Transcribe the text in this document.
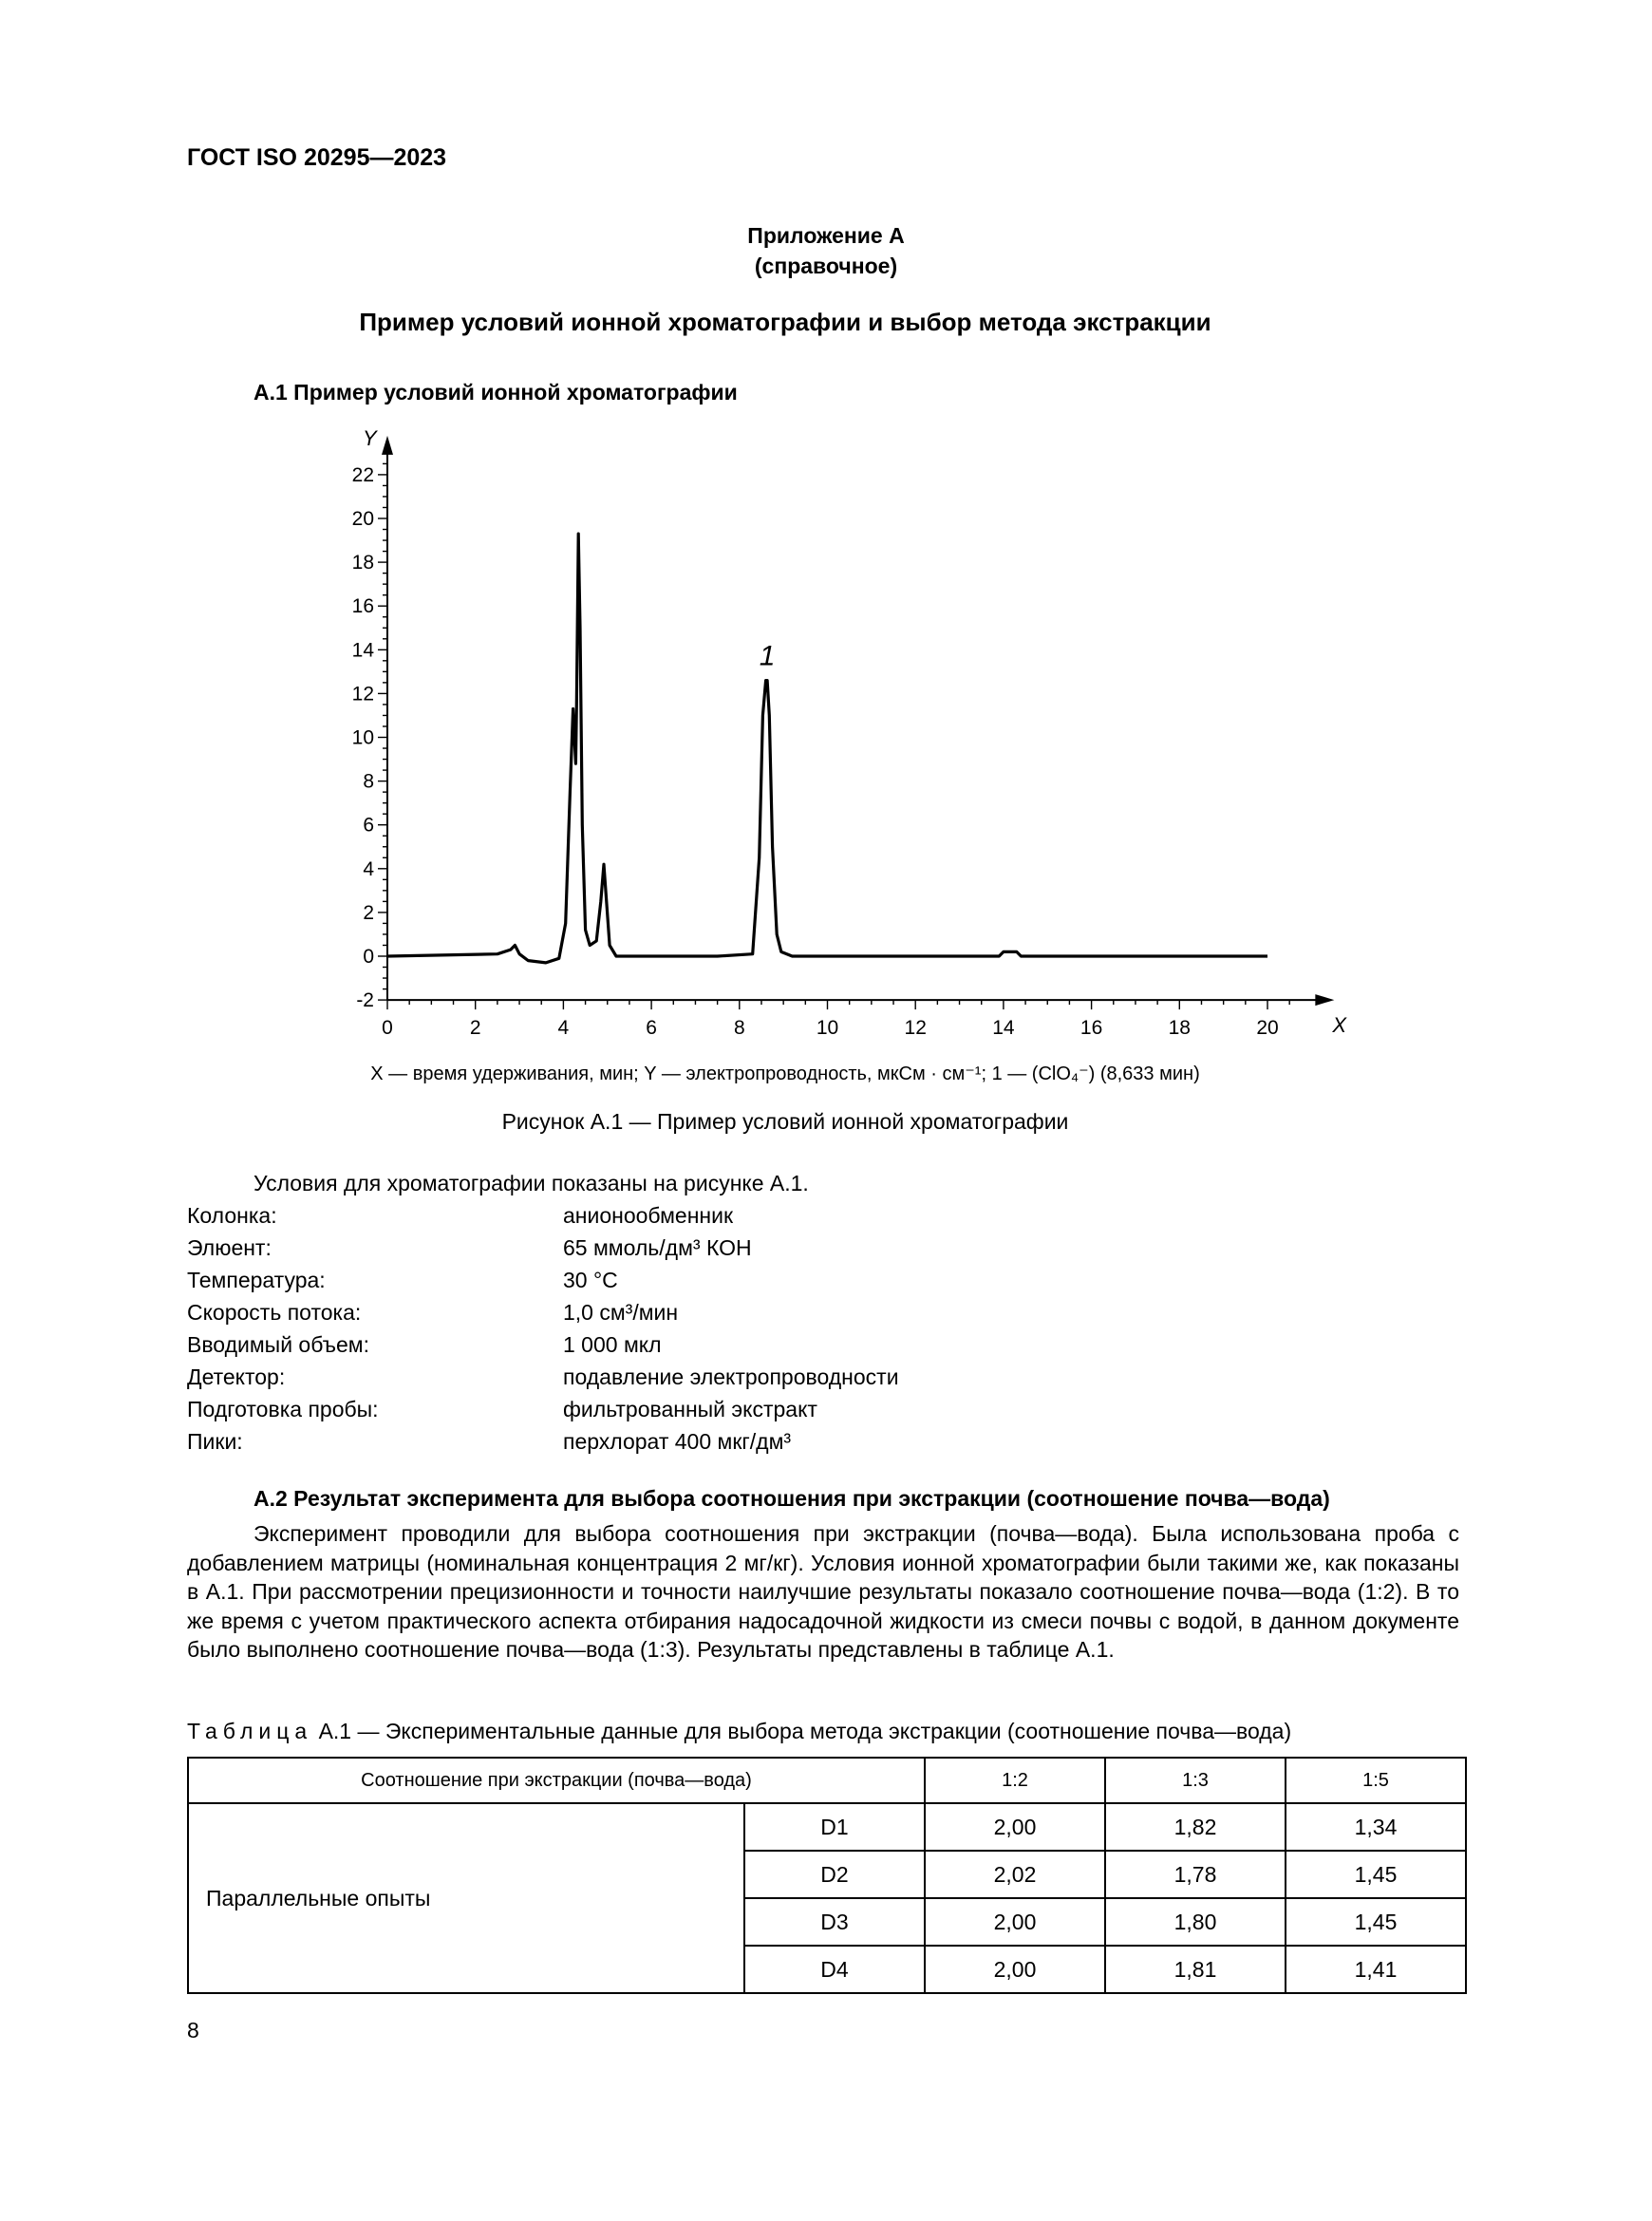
ГОСТ ISO 20295—2023
Приложение А
(справочное)
Пример условий ионной хроматографии и выбор метода экстракции
А.1 Пример условий ионной хроматографии
Y
X
-2
0
2
4
6
8
10
12
14
16
18
20
22
0	2	4	6	8	10	12	14	16	18	20
1
X — время удерживания, мин; Y — электропроводность, мкСм · см⁻¹; 1 — (ClO₄⁻) (8,633 мин)
Рисунок А.1 — Пример условий ионной хроматографии
Условия для хроматографии показаны на рисунке А.1.
Колонка:	анионообменник
Элюент:	65 ммоль/дм³ КОН
Температура:	30 °С
Скорость потока:	1,0 см³/мин
Вводимый объем:	1 000 мкл
Детектор:	подавление электропроводности
Подготовка пробы:	фильтрованный экстракт
Пики:	перхлорат 400 мкг/дм³
А.2 Результат эксперимента для выбора соотношения при экстракции (соотношение почва—вода)

Эксперимент проводили для выбора соотношения при экстракции (почва—вода). Была использована проба с добавлением матрицы (номинальная концентрация 2 мг/кг). Условия ионной хроматографии были такими же, как показаны в А.1. При рассмотрении прецизионности и точности наилучшие результаты показало соотношение почва—вода (1:2). В то же время с учетом практического аспекта отбирания надосадочной жидкости из смеси почвы с водой, в данном документе было выполнено соотношение почва—вода (1:3). Результаты представлены в таблице А.1.

Таблица А.1 — Экспериментальные данные для выбора метода экстракции (соотношение почва—вода)
Соотношение при экстракции (почва—вода)		1:2	1:3	1:5
Параллельные опыты	D1	2,00	1,82	1,34
	D2	2,02	1,78	1,45
	D3	2,00	1,80	1,45
	D4	2,00	1,81	1,41
8
